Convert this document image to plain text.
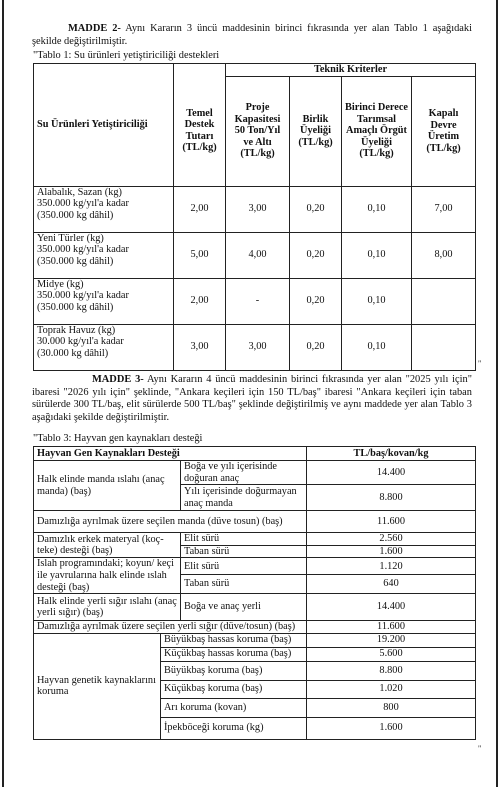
MADDE 2- Aynı Kararın 3 üncü maddesinin birinci fıkrasında yer alan Tablo 1 aşağıdaki şekilde değiştirilmiştir.

"Tablo 1: Su ürünleri yetiştiriciliği destekleri

Su Ürünleri Yetiştiriciliği		Teknik Kriterler			
	Temel Destek Tutarı (TL/kg)	Proje Kapasitesi 50 Ton/Yıl ve Altı (TL/kg)	Birlik Üyeliği (TL/kg)	Birinci Derece Tarımsal Amaçlı Örgüt Üyeliği (TL/kg)	Kapalı Devre Üretim (TL/kg)

Alabalık, Sazan (kg)
350.000 kg/yıl'a kadar
(350.000 kg dâhil)	2,00	3,00	0,20	0,10	7,00

Yeni Türler (kg)
350.000 kg/yıl'a kadar
(350.000 kg dâhil)	5,00	4,00	0,20	0,10	8,00

Midye (kg)
350.000 kg/yıl'a kadar
(350.000 kg dâhil)	2,00	-	0,20	0,10	

Toprak Havuz (kg)
30.000 kg/yıl'a kadar
(30.000 kg dâhil)	3,00	3,00	0,20	0,10	
"

MADDE 3- Aynı Kararın 4 üncü maddesinin birinci fıkrasında yer alan "2025 yılı için" ibaresi "2026 yılı için" şeklinde, "Ankara keçileri için 150 TL/baş" ibaresi "Ankara keçileri için taban sürülerde 300 TL/baş, elit sürülerde 500 TL/baş" şeklinde değiştirilmiş ve aynı maddede yer alan Tablo 3 aşağıdaki şekilde değiştirilmiştir.

"Tablo 3: Hayvan gen kaynakları desteği

Hayvan Gen Kaynakları Desteği			TL/baş/kovan/kg
Halk elinde manda ıslahı (anaç manda) (baş)		Boğa ve yılı içerisinde doğuran anaç	14.400
		Yılı içerisinde doğurmayan anaç manda	8.800
Damızlığa ayrılmak üzere seçilen manda (düve tosun) (baş)			11.600
Damızlık erkek materyal (koç-teke) desteği (baş)		Elit sürü	2.560
		Taban sürü	1.600
Islah programındaki; koyun/ keçi ile yavrularına halk elinde ıslah desteği (baş)		Elit sürü	1.120
		Taban sürü	640
Halk elinde yerli sığır ıslahı (anaç yerli sığır) (baş)		Boğa ve anaç yerli	14.400
Damızlığa ayrılmak üzere seçilen yerli sığır (düve/tosun) (baş)			11.600
Hayvan genetik kaynaklarını koruma	Büyükbaş hassas koruma (baş)		19.200
	Küçükbaş hassas koruma (baş)		5.600
	Büyükbaş koruma (baş)		8.800
	Küçükbaş koruma (baş)		1.020
	Arı koruma (kovan)		800
	İpekböceği koruma (kg)		1.600
"
